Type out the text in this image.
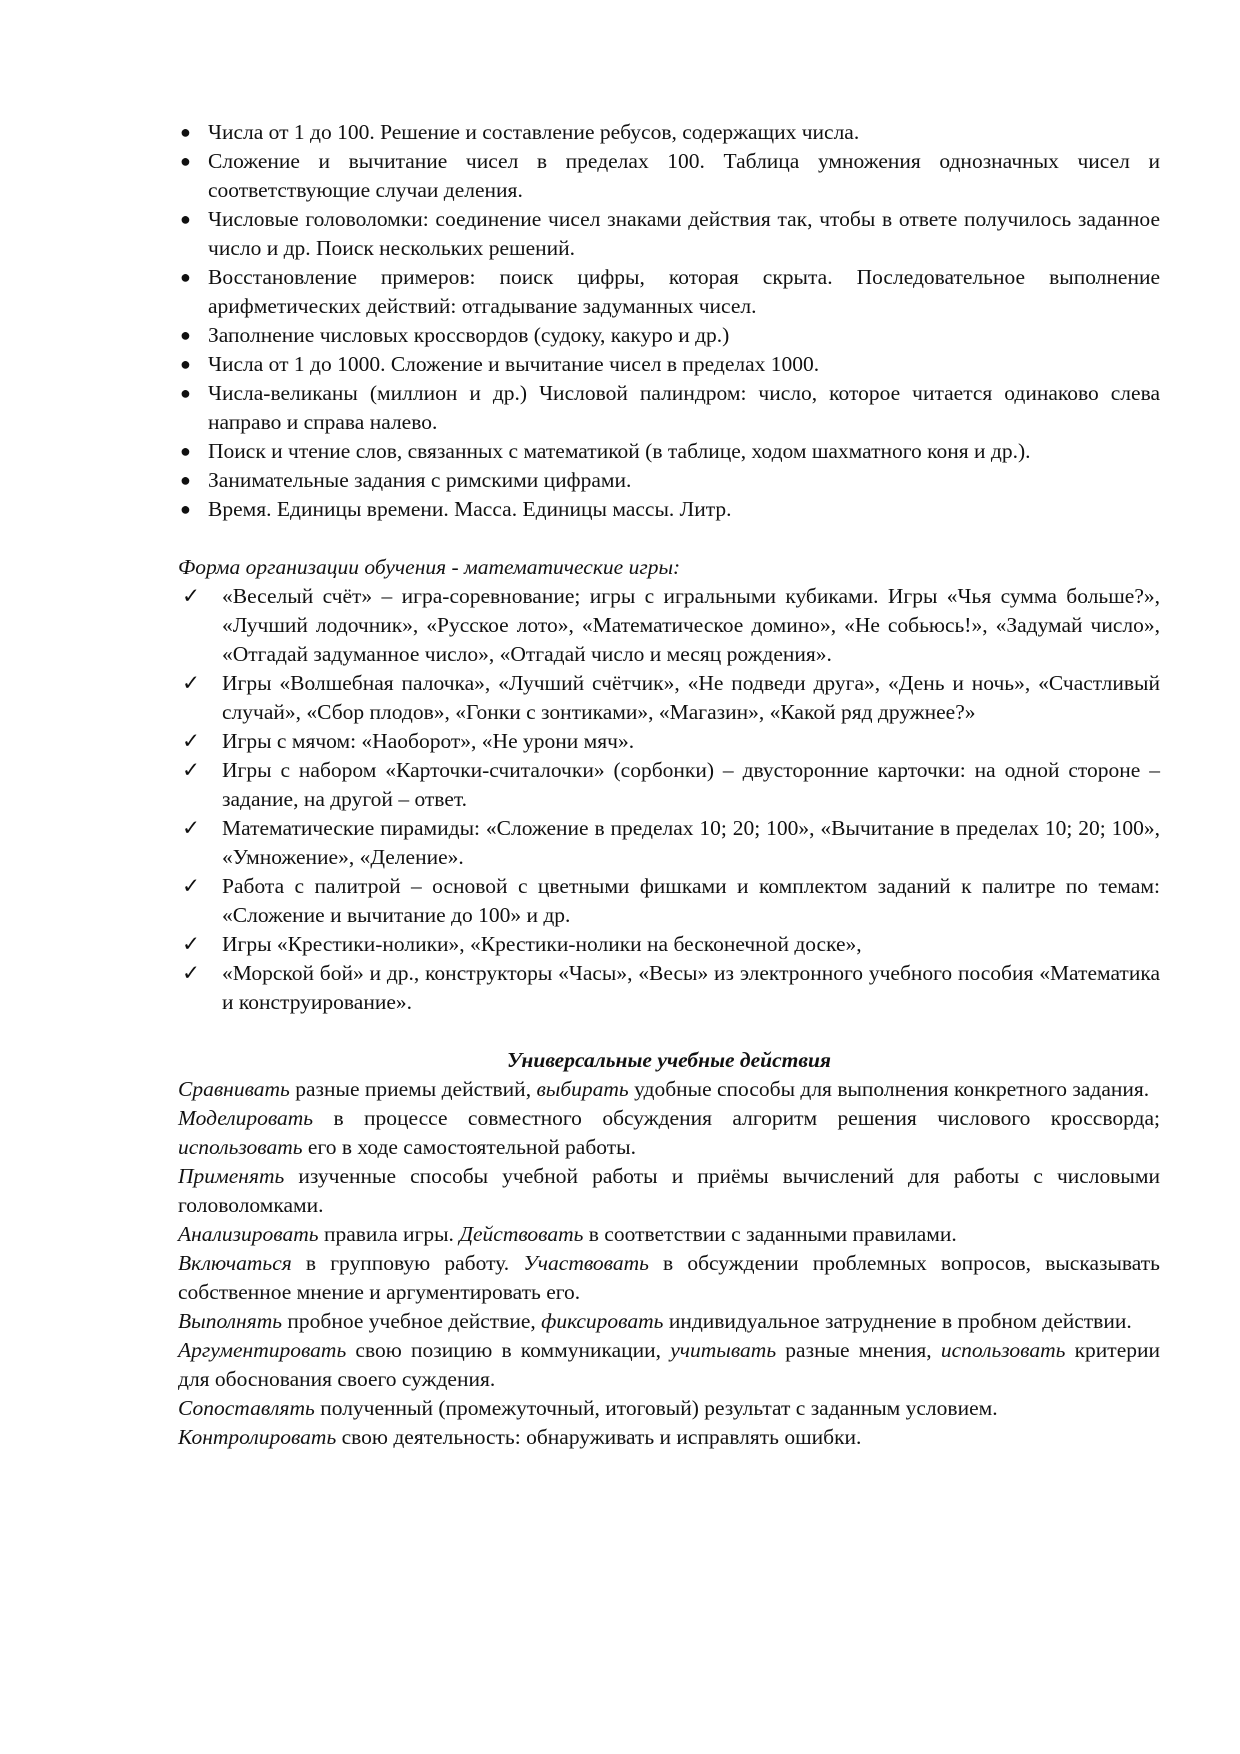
● Числа от 1 до 100. Решение и составление ребусов, содержащих числа.
● Сложение и вычитание чисел в пределах 100. Таблица умножения однозначных чисел и соответствующие случаи деления.
● Числовые головоломки: соединение чисел знаками действия так, чтобы в ответе получилось заданное число и др. Поиск нескольких решений.
● Восстановление примеров: поиск цифры, которая скрыта. Последовательное выполнение арифметических действий: отгадывание задуманных чисел.
● Заполнение числовых кроссвордов (судоку, какуро и др.)
● Числа от 1 до 1000. Сложение и вычитание чисел в пределах 1000.
● Числа-великаны (миллион и др.) Числовой палиндром: число, которое читается одинаково слева направо и справа налево.
● Поиск и чтение слов, связанных с математикой (в таблице, ходом шахматного коня и др.).
● Занимательные задания с римскими цифрами.
● Время. Единицы времени. Масса. Единицы массы. Литр.
Форма организации обучения - математические игры:
✓ «Веселый счёт» – игра-соревнование; игры с игральными кубиками. Игры «Чья сумма больше?», «Лучший лодочник», «Русское лото», «Математическое домино», «Не собьюсь!», «Задумай число», «Отгадай задуманное число», «Отгадай число и месяц рождения».
✓ Игры «Волшебная палочка», «Лучший счётчик», «Не подведи друга», «День и ночь», «Счастливый случай», «Сбор плодов», «Гонки с зонтиками», «Магазин», «Какой ряд дружнее?»
✓ Игры с мячом: «Наоборот», «Не урони мяч».
✓ Игры с набором «Карточки-считалочки» (сорбонки) – двусторонние карточки: на одной стороне – задание, на другой – ответ.
✓ Математические пирамиды: «Сложение в пределах 10; 20; 100», «Вычитание в пределах 10; 20; 100», «Умножение», «Деление».
✓ Работа с палитрой – основой с цветными фишками и комплектом заданий к палитре по темам: «Сложение и вычитание до 100» и др.
✓ Игры «Крестики-нолики», «Крестики-нолики на бесконечной доске»,
✓ «Морской бой» и др., конструкторы «Часы», «Весы» из электронного учебного пособия «Математика и конструирование».
Универсальные учебные действия
Сравнивать разные приемы действий, выбирать удобные способы для выполнения конкретного задания.
Моделировать в процессе совместного обсуждения алгоритм решения числового кроссворда; использовать его в ходе самостоятельной работы.
Применять изученные способы учебной работы и приёмы вычислений для работы с числовыми головоломками.
Анализировать правила игры. Действовать в соответствии с заданными правилами.
Включаться в групповую работу. Участвовать в обсуждении проблемных вопросов, высказывать собственное мнение и аргументировать его.
Выполнять пробное учебное действие, фиксировать индивидуальное затруднение в пробном действии.
Аргументировать свою позицию в коммуникации, учитывать разные мнения, использовать критерии для обоснования своего суждения.
Сопоставлять полученный (промежуточный, итоговый) результат с заданным условием.
Контролировать свою деятельность: обнаруживать и исправлять ошибки.
